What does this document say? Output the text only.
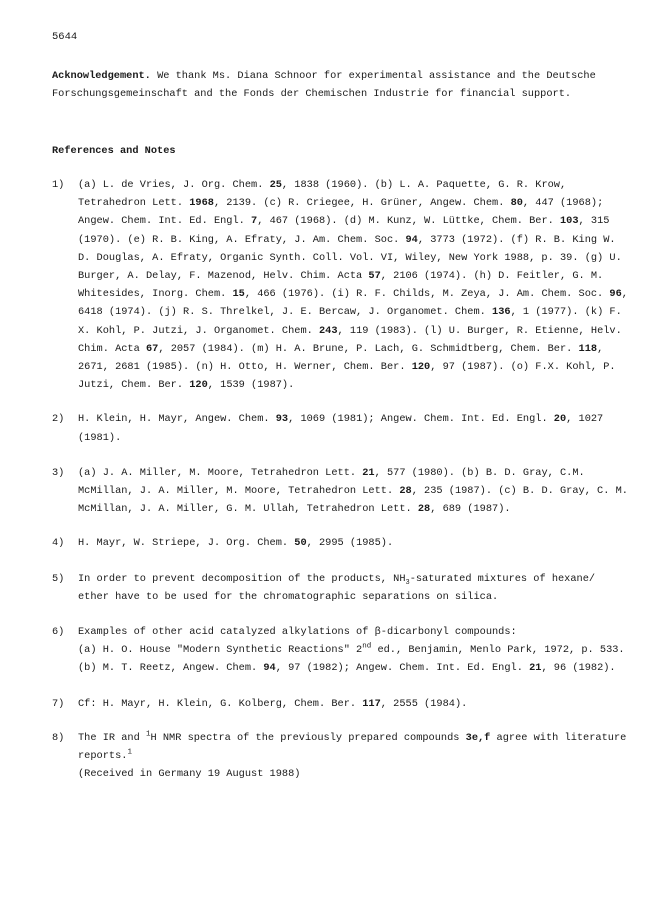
5644
Acknowledgement. We thank Ms. Diana Schnoor for experimental assistance and the Deutsche Forschungsgemeinschaft and the Fonds der Chemischen Industrie for financial support.
References and Notes
1) (a) L. de Vries, J. Org. Chem. 25, 1838 (1960). (b) L. A. Paquette, G. R. Krow, Tetrahedron Lett. 1968, 2139. (c) R. Criegee, H. Grüner, Angew. Chem. 80, 447 (1968); Angew. Chem. Int. Ed. Engl. 7, 467 (1968). (d) M. Kunz, W. Lüttke, Chem. Ber. 103, 315 (1970). (e) R. B. King, A. Efraty, J. Am. Chem. Soc. 94, 3773 (1972). (f) R. B. King W. D. Douglas, A. Efraty, Organic Synth. Coll. Vol. VI, Wiley, New York 1988, p. 39. (g) U. Burger, A. Delay, F. Mazenod, Helv. Chim. Acta 57, 2106 (1974). (h) D. Feitler, G. M. Whitesides, Inorg. Chem. 15, 466 (1976). (i) R. F. Childs, M. Zeya, J. Am. Chem. Soc. 96, 6418 (1974). (j) R. S. Threlkel, J. E. Bercaw, J. Organomet. Chem. 136, 1 (1977). (k) F. X. Kohl, P. Jutzi, J. Organomet. Chem. 243, 119 (1983). (l) U. Burger, R. Etienne, Helv. Chim. Acta 67, 2057 (1984). (m) H. A. Brune, P. Lach, G. Schmidtberg, Chem. Ber. 118, 2671, 2681 (1985). (n) H. Otto, H. Werner, Chem. Ber. 120, 97 (1987). (o) F.X. Kohl, P. Jutzi, Chem. Ber. 120, 1539 (1987).
2) H. Klein, H. Mayr, Angew. Chem. 93, 1069 (1981); Angew. Chem. Int. Ed. Engl. 20, 1027 (1981).
3) (a) J. A. Miller, M. Moore, Tetrahedron Lett. 21, 577 (1980). (b) B. D. Gray, C.M. McMillan, J. A. Miller, M. Moore, Tetrahedron Lett. 28, 235 (1987). (c) B. D. Gray, C. M. McMillan, J. A. Miller, G. M. Ullah, Tetrahedron Lett. 28, 689 (1987).
4) H. Mayr, W. Striepe, J. Org. Chem. 50, 2995 (1985).
5) In order to prevent decomposition of the products, $NH_3$-saturated mixtures of hexane/ ether have to be used for the chromatographic separations on silica.
6) Examples of other acid catalyzed alkylations of β-dicarbonyl compounds:
(a) H. O. House "Modern Synthetic Reactions" 2nd ed., Benjamin, Menlo Park, 1972, p. 533. (b) M. T. Reetz, Angew. Chem. 94, 97 (1982); Angew. Chem. Int. Ed. Engl. 21, 96 (1982).
7) Cf: H. Mayr, H. Klein, G. Kolberg, Chem. Ber. 117, 2555 (1984).
8) The IR and $^1$H NMR spectra of the previously prepared compounds 3e,f agree with literature reports.$^1$
(Received in Germany 19 August 1988)
